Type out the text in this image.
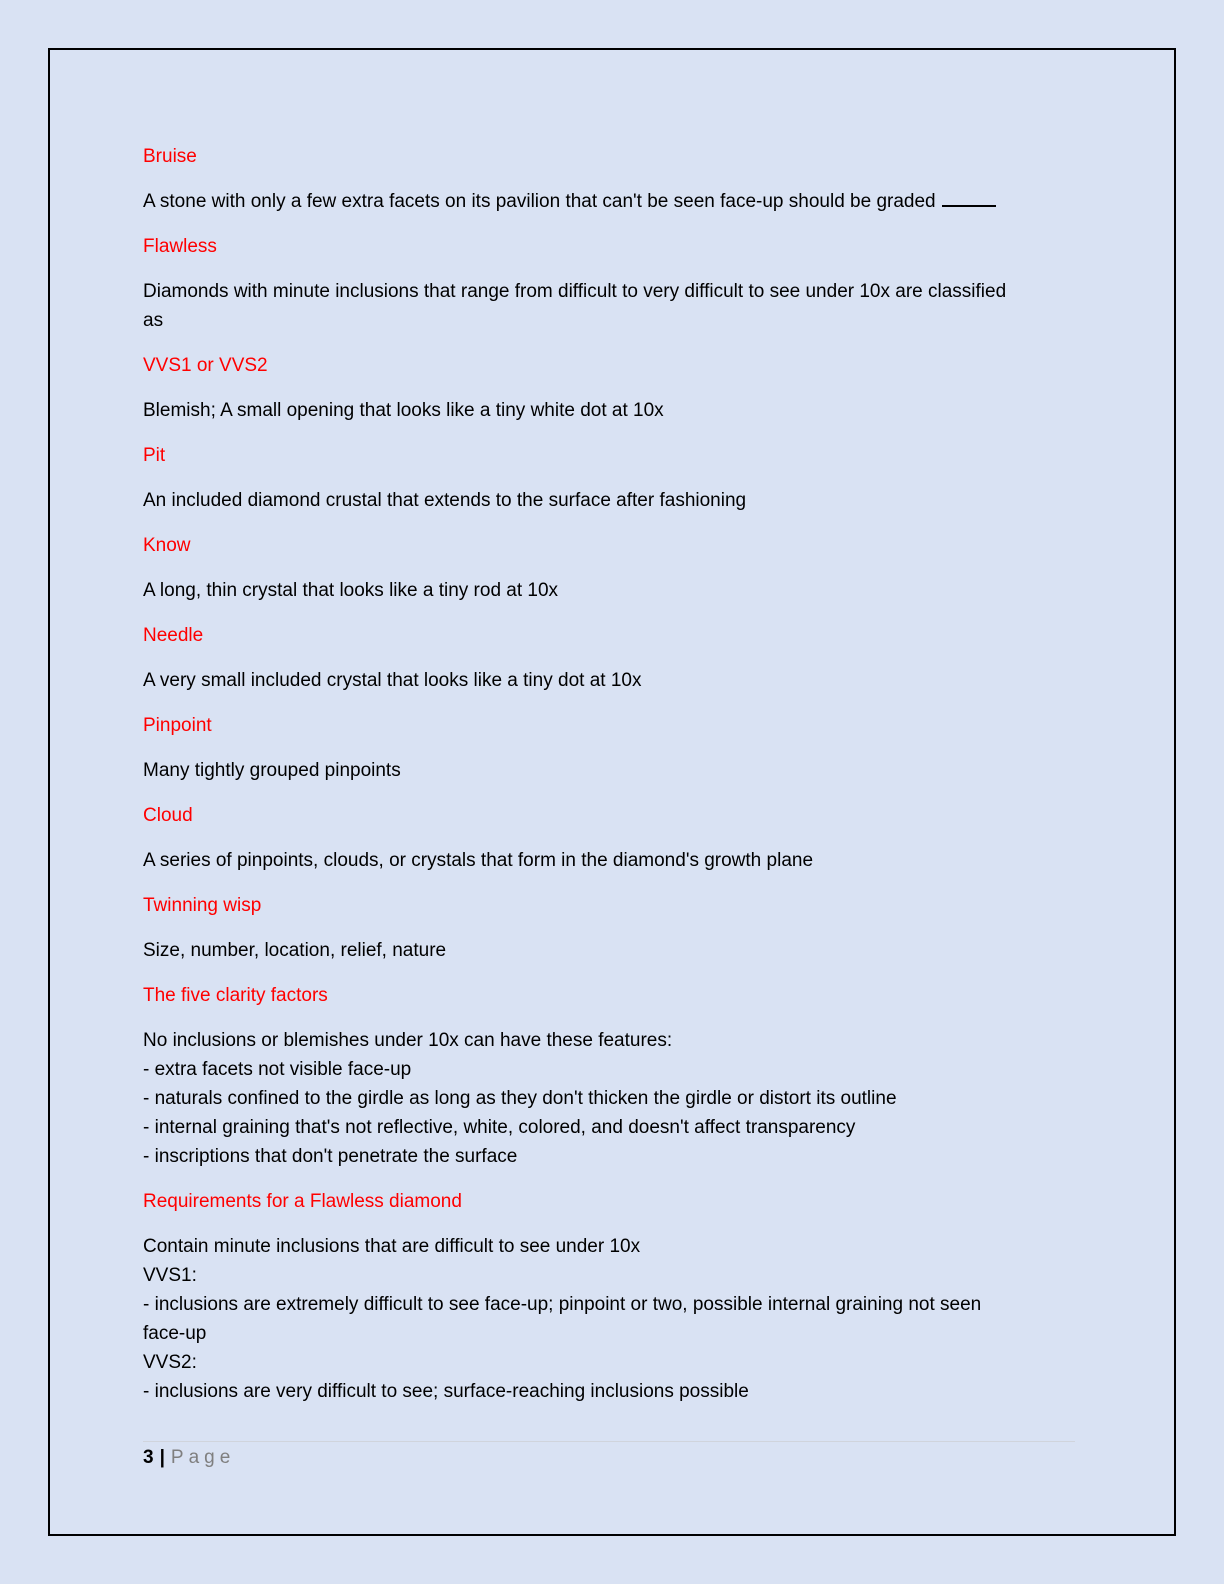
Bruise
A stone with only a few extra facets on its pavilion that can't be seen face-up should be graded
Flawless
Diamonds with minute inclusions that range from difficult to very difficult to see under 10x are classified
as
VVS1 or VVS2
Blemish; A small opening that looks like a tiny white dot at 10x
Pit
An included diamond crustal that extends to the surface after fashioning
Know
A long, thin crystal that looks like a tiny rod at 10x
Needle
A very small included crystal that looks like a tiny dot at 10x
Pinpoint
Many tightly grouped pinpoints
Cloud
A series of pinpoints, clouds, or crystals that form in the diamond's growth plane
Twinning wisp
Size, number, location, relief, nature
The five clarity factors
No inclusions or blemishes under 10x can have these features:
- extra facets not visible face-up
- naturals confined to the girdle as long as they don't thicken the girdle or distort its outline
- internal graining that's not reflective, white, colored, and doesn't affect transparency
- inscriptions that don't penetrate the surface
Requirements for a Flawless diamond
Contain minute inclusions that are difficult to see under 10x
VVS1:
- inclusions are extremely difficult to see face-up; pinpoint or two, possible internal graining not seen
face-up
VVS2:
- inclusions are very difficult to see; surface-reaching inclusions possible
3 | Page
